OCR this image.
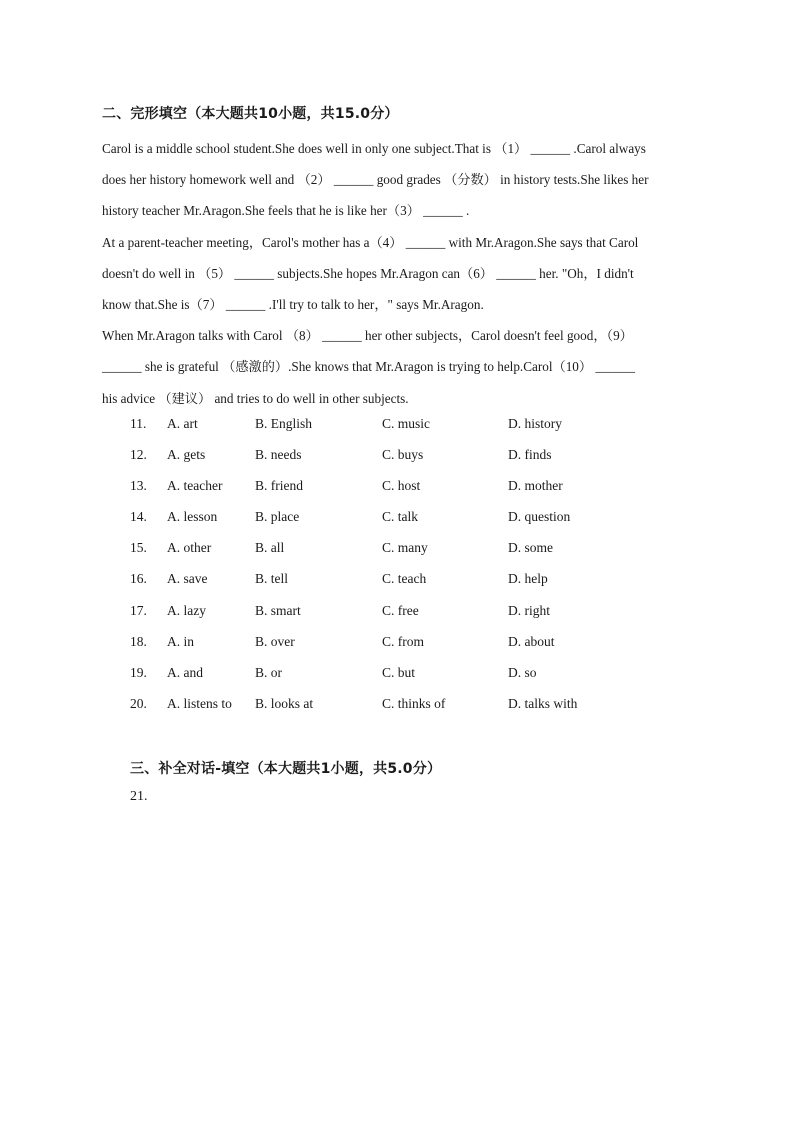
二、完形填空（本大题共10小题，共15.0分）
Carol is a middle school student.She does well in only one subject.That is （1） ______ .Carol always
does her history homework well and （2） ______ good grades （分数） in history tests.She likes her
history teacher Mr.Aragon.She feels that he is like her（3） ______ .
At a parent-teacher meeting，Carol's mother has a（4） ______ with Mr.Aragon.She says that Carol
doesn't do well in （5） ______ subjects.She hopes Mr.Aragon can（6） ______ her. "Oh，I didn't
know that.She is（7） ______ .I'll try to talk to her，" says Mr.Aragon.
When Mr.Aragon talks with Carol （8） ______ her other subjects，Carol doesn't feel good，（9）
______ she is grateful （感激的）.She knows that Mr.Aragon is trying to help.Carol（10） ______
his advice （建议） and tries to do well in other subjects.
11. A. art	B. English	C. music	D. history
12. A. gets	B. needs	C. buys	D. finds
13. A. teacher B. friend	C. host	D. mother
14. A. lesson	B. place	C. talk	D. question
15. A. other	B. all	C. many	D. some
16. A. save	B. tell	C. teach	D. help
17. A. lazy	B. smart	C. free	D. right
18. A. in	B. over	C. from	D. about
19. A. and	B. or	C. but	D. so
20. A. listens to B. looks at	C. thinks of	D. talks with
三、补全对话-填空（本大题共1小题，共5.0分）
21.
